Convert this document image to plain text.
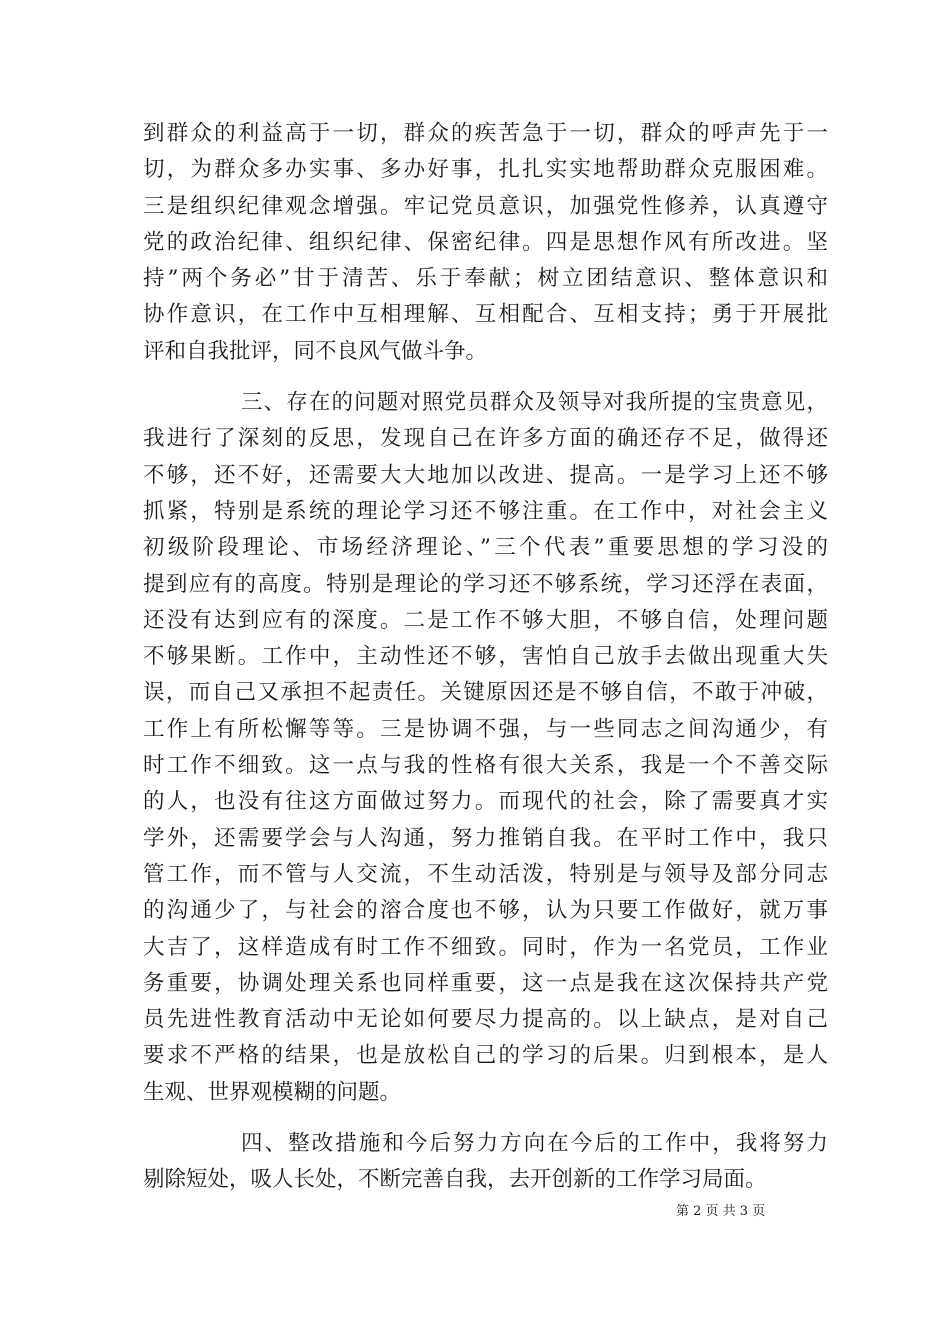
到群众的利益高于一切，群众的疾苦急于一切，群众的呼声先于一
切，为群众多办实事、多办好事，扎扎实实地帮助群众克服困难。
三是组织纪律观念增强。牢记党员意识，加强党性修养，认真遵守
党的政治纪律、组织纪律、保密纪律。四是思想作风有所改进。坚
持”两个务必”甘于清苦、乐于奉献；树立团结意识、整体意识和
协作意识，在工作中互相理解、互相配合、互相支持；勇于开展批
评和自我批评，同不良风气做斗争。
三、存在的问题对照党员群众及领导对我所提的宝贵意见，
我进行了深刻的反思，发现自己在许多方面的确还存不足，做得还
不够，还不好，还需要大大地加以改进、提高。一是学习上还不够
抓紧，特别是系统的理论学习还不够注重。在工作中，对社会主义
初级阶段理论、市场经济理论、”三个代表”重要思想的学习没的
提到应有的高度。特别是理论的学习还不够系统，学习还浮在表面，
还没有达到应有的深度。二是工作不够大胆，不够自信，处理问题
不够果断。工作中，主动性还不够，害怕自己放手去做出现重大失
误，而自己又承担不起责任。关键原因还是不够自信，不敢于冲破，
工作上有所松懈等等。三是协调不强，与一些同志之间沟通少，有
时工作不细致。这一点与我的性格有很大关系，我是一个不善交际
的人，也没有往这方面做过努力。而现代的社会，除了需要真才实
学外，还需要学会与人沟通，努力推销自我。在平时工作中，我只
管工作，而不管与人交流，不生动活泼，特别是与领导及部分同志
的沟通少了，与社会的溶合度也不够，认为只要工作做好，就万事
大吉了，这样造成有时工作不细致。同时，作为一名党员，工作业
务重要，协调处理关系也同样重要，这一点是我在这次保持共产党
员先进性教育活动中无论如何要尽力提高的。以上缺点，是对自己
要求不严格的结果，也是放松自己的学习的后果。归到根本，是人
生观、世界观模糊的问题。
四、整改措施和今后努力方向在今后的工作中，我将努力
剔除短处，吸人长处，不断完善自我，去开创新的工作学习局面。
第 2 页 共 3 页
